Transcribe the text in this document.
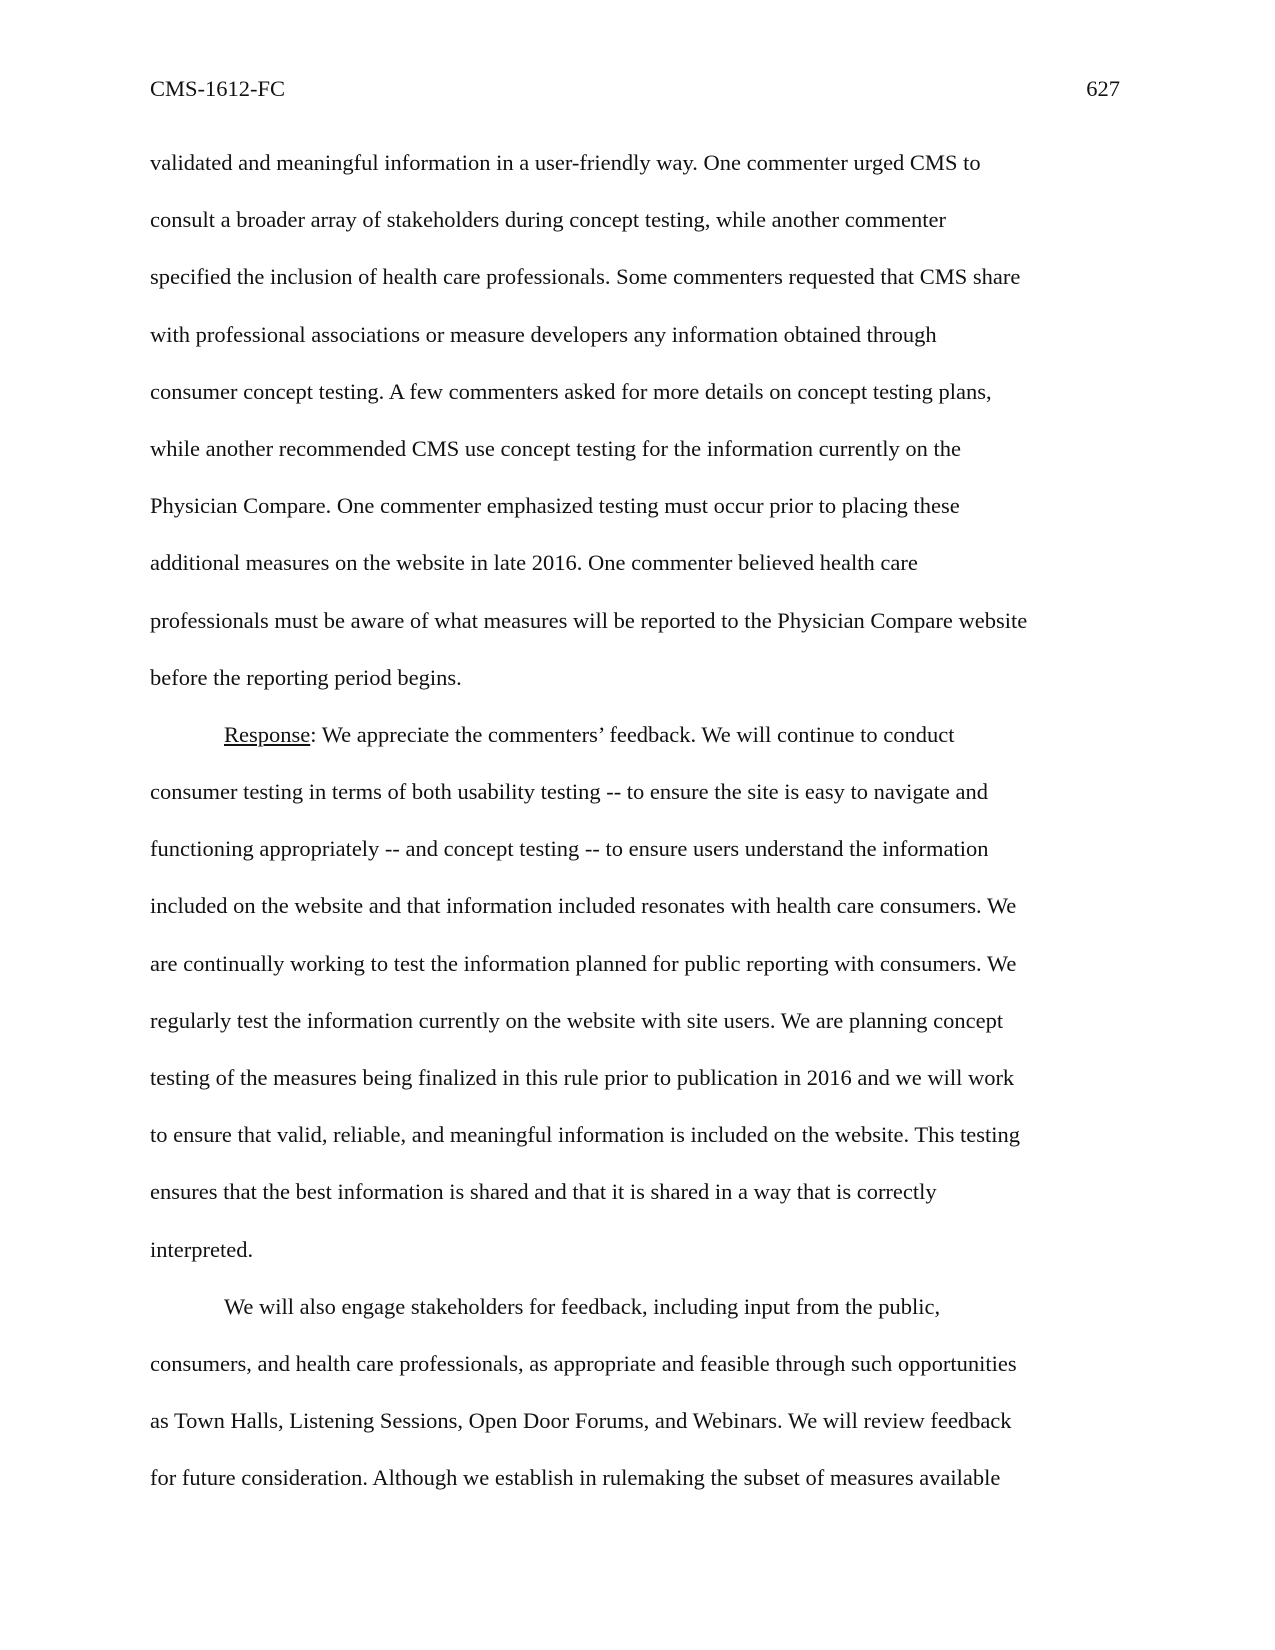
CMS-1612-FC	627
validated and meaningful information in a user-friendly way. One commenter urged CMS to
consult a broader array of stakeholders during concept testing, while another commenter
specified the inclusion of health care professionals. Some commenters requested that CMS share
with professional associations or measure developers any information obtained through
consumer concept testing. A few commenters asked for more details on concept testing plans,
while another recommended CMS use concept testing for the information currently on the
Physician Compare. One commenter emphasized testing must occur prior to placing these
additional measures on the website in late 2016. One commenter believed health care
professionals must be aware of what measures will be reported to the Physician Compare website
before the reporting period begins.
Response: We appreciate the commenters’ feedback. We will continue to conduct
consumer testing in terms of both usability testing -- to ensure the site is easy to navigate and
functioning appropriately -- and concept testing -- to ensure users understand the information
included on the website and that information included resonates with health care consumers. We
are continually working to test the information planned for public reporting with consumers. We
regularly test the information currently on the website with site users. We are planning concept
testing of the measures being finalized in this rule prior to publication in 2016 and we will work
to ensure that valid, reliable, and meaningful information is included on the website. This testing
ensures that the best information is shared and that it is shared in a way that is correctly
interpreted.
We will also engage stakeholders for feedback, including input from the public,
consumers, and health care professionals, as appropriate and feasible through such opportunities
as Town Halls, Listening Sessions, Open Door Forums, and Webinars. We will review feedback
for future consideration. Although we establish in rulemaking the subset of measures available
